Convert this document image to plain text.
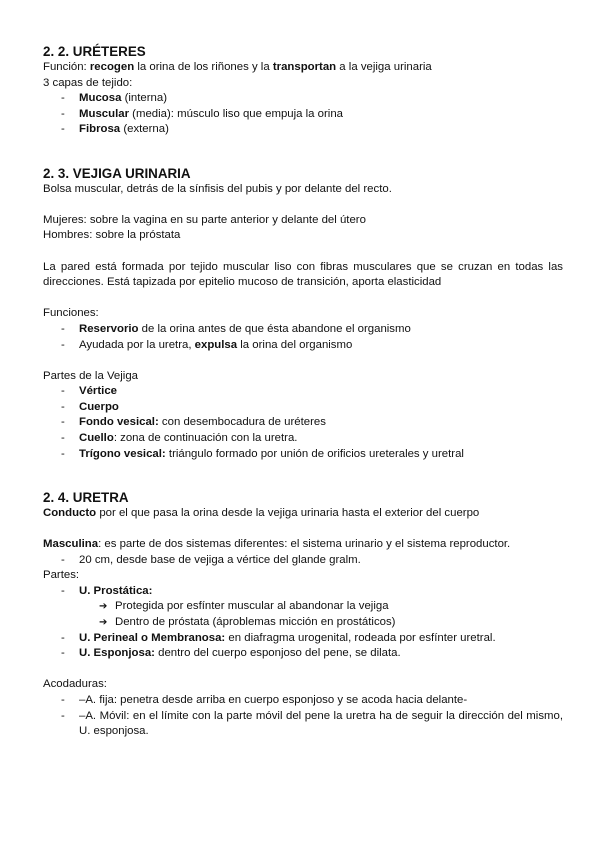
2. 2. URÉTERES

Función: recogen la orina de los riñones y la transportan a la vejiga urinaria

3 capas de tejido:

- Mucosa (interna)
- Muscular (media): músculo liso que empuja la orina
- Fibrosa (externa)

2. 3. VEJIGA URINARIA

Bolsa muscular, detrás de la sínfisis del pubis y por delante del recto.

Mujeres: sobre la vagina en su parte anterior y delante del útero

Hombres: sobre la próstata

La pared está formada por tejido muscular liso con fibras musculares que se cruzan en todas las direcciones. Está tapizada por epitelio mucoso de transición, aporta elasticidad

Funciones:

- Reservorio de la orina antes de que ésta abandone el organismo
- Ayudada por la uretra, expulsa la orina del organismo

Partes de la Vejiga

- Vértice
- Cuerpo
- Fondo vesical: con desembocadura de uréteres
- Cuello: zona de continuación con la uretra.
- Trígono vesical: triángulo formado por unión de orificios ureterales y uretral

2. 4. URETRA

Conducto por el que pasa la orina desde la vejiga urinaria hasta el exterior del cuerpo

Masculina: es parte de dos sistemas diferentes: el sistema urinario y el sistema reproductor.

- 20 cm, desde base de vejiga a vértice del glande gralm.

Partes:

- U. Prostática:
➔ Protegida por esfínter muscular al abandonar la vejiga
➔ Dentro de próstata (áproblemas micción en prostáticos)
- U. Perineal o Membranosa: en diafragma urogenital, rodeada por esfínter uretral.
- U. Esponjosa: dentro del cuerpo esponjoso del pene, se dilata.

Acodaduras:

- –A. fija: penetra desde arriba en cuerpo esponjoso y se acoda hacia delante-
- –A. Móvil: en el límite con la parte móvil del pene la uretra ha de seguir la dirección del mismo, U. esponjosa.
